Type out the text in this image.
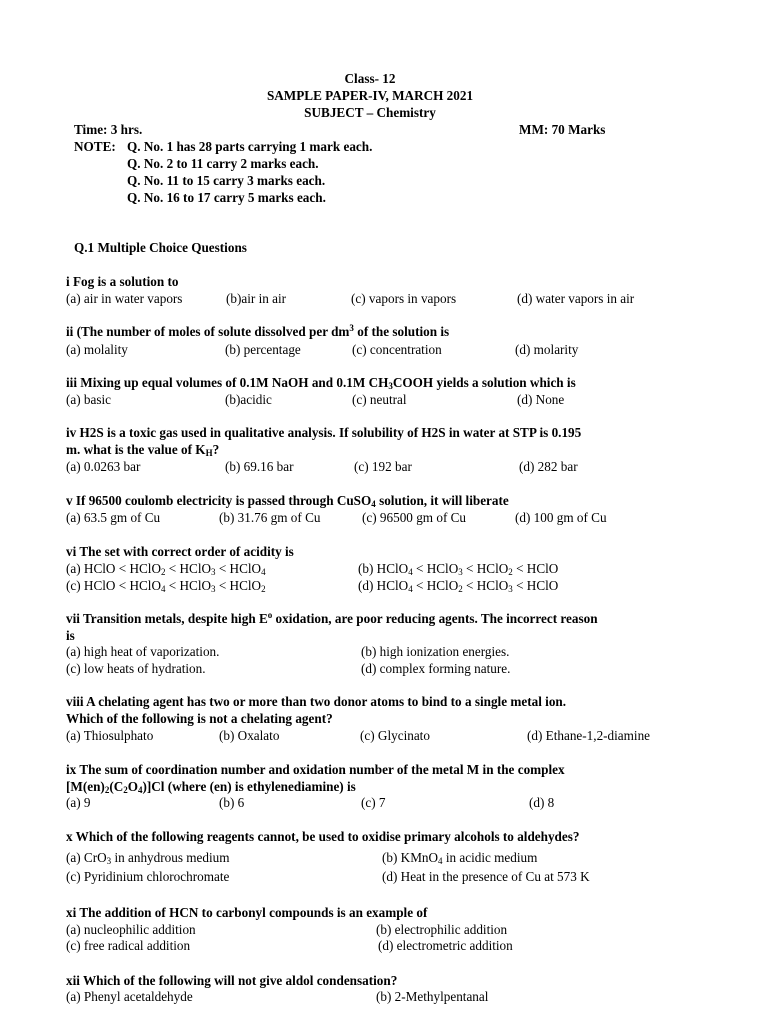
Class- 12
SAMPLE PAPER-IV, MARCH 2021
SUBJECT – Chemistry
Time: 3 hrs.	MM: 70 Marks
NOTE: Q. No. 1 has 28 parts carrying 1 mark each.
Q. No. 2 to 11 carry 2 marks each.
Q. No. 11 to 15 carry 3 marks each.
Q. No. 16 to 17 carry 5 marks each.
Q.1 Multiple Choice Questions
i Fog is a solution to
(a) air in water vapors	(b)air in air	(c) vapors in vapors	(d) water vapors in air
ii (The number of moles of solute dissolved per $dm^3$ of the solution is
(a) molality	(b) percentage	(c) concentration	(d) molarity
iii Mixing up equal volumes of 0.1M NaOH and 0.1M $CH_3COOH$ yields a solution which is
(a) basic	(b)acidic	(c) neutral	(d) None
iv H2S is a toxic gas used in qualitative analysis. If solubility of H2S in water at STP is 0.195
m. what is the value of $K_H$?
(a) 0.0263 bar	(b) 69.16 bar	(c) 192 bar	(d) 282 bar
v If 96500 coulomb electricity is passed through CuSO$_4$ solution, it will liberate
(a) 63.5 gm of Cu	(b) 31.76 gm of Cu	(c) 96500 gm of Cu	(d) 100 gm of Cu
vi The set with correct order of acidity is
(a) HClO < HClO$_2$ < HClO$_3$ < HClO$_4$	(b) HClO$_4$ < HClO$_3$ < HClO$_2$ < HClO
(c) HClO < HClO$_4$ < HClO$_3$ < HClO$_2$	(d) HClO$_4$ < HClO$_2$ < HClO$_3$ < HClO
vii Transition metals, despite high $E^o$ oxidation, are poor reducing agents. The incorrect reason
is
(a) high heat of vaporization.	(b) high ionization energies.
(c) low heats of hydration.	(d) complex forming nature.
viii A chelating agent has two or more than two donor atoms to bind to a single metal ion.
Which of the following is not a chelating agent?
(a) Thiosulphato	(b) Oxalato	(c) Glycinato	(d) Ethane-1,2-diamine
ix The sum of coordination number and oxidation number of the metal M in the complex
$[M(en)_2(C_2O_4)]Cl$ (where (en) is ethylenediamine) is
(a) 9	(b) 6	(c) 7	(d) 8
x Which of the following reagents cannot, be used to oxidise primary alcohols to aldehydes?
(a) CrO$_3$ in anhydrous medium	(b) KMnO$_4$ in acidic medium
(c) Pyridinium chlorochromate	(d) Heat in the presence of Cu at 573 K
xi The addition of HCN to carbonyl compounds is an example of
(a) nucleophilic addition	(b) electrophilic addition
(c) free radical addition	(d) electrometric addition
xii Which of the following will not give aldol condensation?
(a) Phenyl acetaldehyde	(b) 2-Methylpentanal
